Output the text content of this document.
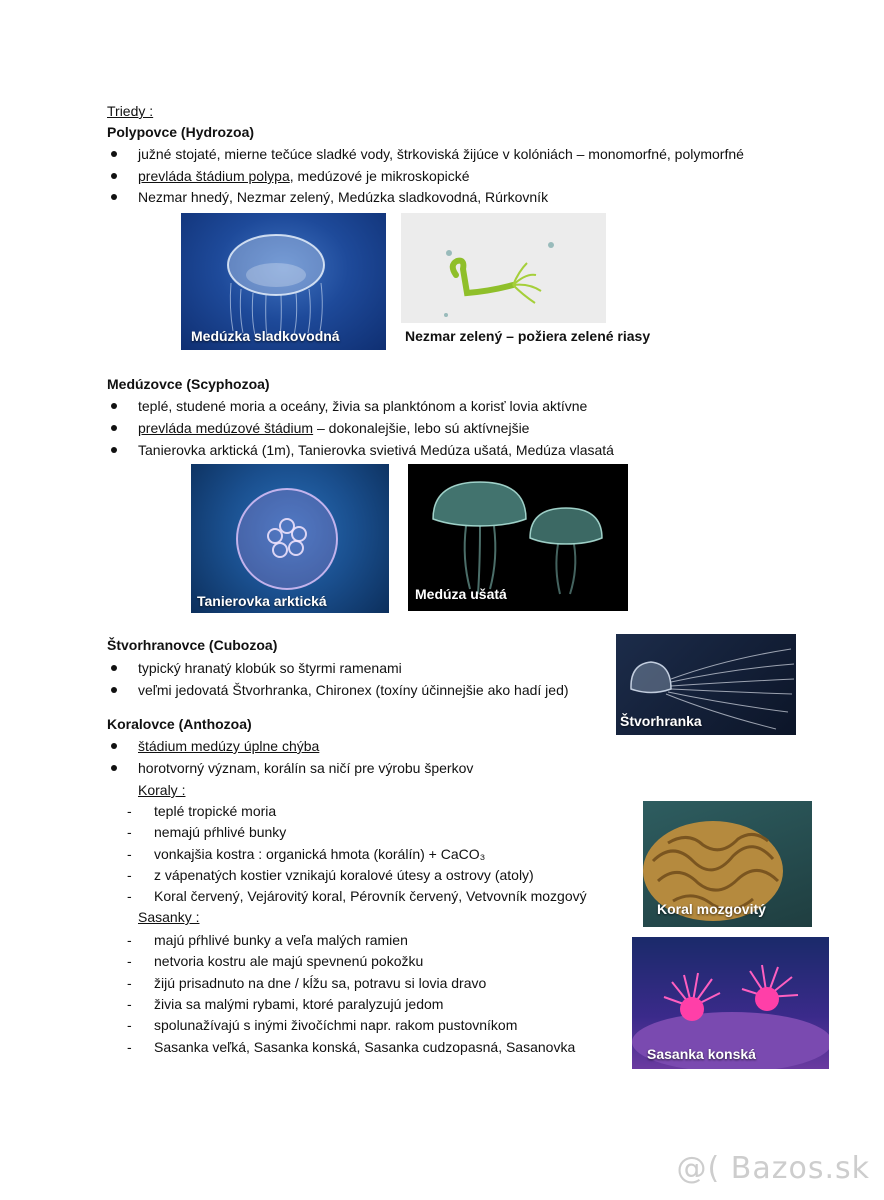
Triedy :
Polypovce (Hydrozoa)
južné stojaté, mierne tečúce sladké vody, štrkoviská žijúce v kolóniách – monomorfné, polymorfné
prevláda štádium polypa, medúzové je mikroskopické
Nezmar hnedý, Nezmar zelený, Medúzka sladkovodná, Rúrkovník
Medúzka sladkovodná	Nezmar zelený – požiera zelené riasy
Medúzovce (Scyphozoa)
teplé, studené moria a oceány, živia sa planktónom a korisť lovia aktívne
prevláda medúzové štádium – dokonalejšie, lebo sú aktívnejšie
Tanierovka arktická (1m), Tanierovka svietivá Medúza ušatá, Medúza vlasatá
Tanierovka arktická	Medúza ušatá
Štvorhranovce (Cubozoa)
typický hranatý klobúk so štyrmi ramenami
veľmi jedovatá Štvorhranka, Chironex (toxíny účinnejšie ako hadí jed)
Štvorhranka
Koralovce (Anthozoa)
štádium medúzy úplne chýba
horotvorný význam, korálín sa ničí pre výrobu šperkov
Koraly :
- teplé tropické moria
- nemajú pŕhlivé bunky
- vonkajšia kostra : organická hmota (korálín) + CaCO₃
- z vápenatých kostier vznikajú koralové útesy a ostrovy (atoly)
- Koral červený, Vejárovitý koral, Pérovník červený, Vetvovník mozgový
Sasanky :
- majú pŕhlivé bunky a veľa malých ramien
- netvoria kostru ale majú spevnenú pokožku
- žijú prisadnuto na dne / kĺžu sa, potravu si lovia dravo
- živia sa malými rybami, ktoré paralyzujú jedom
- spolunažívajú s inými živočíchmi napr. rakom pustovníkom
- Sasanka veľká, Sasanka konská, Sasanka cudzopasná, Sasanovka
Koral mozgovitý
Sasanka konská
@( Bazos.sk
